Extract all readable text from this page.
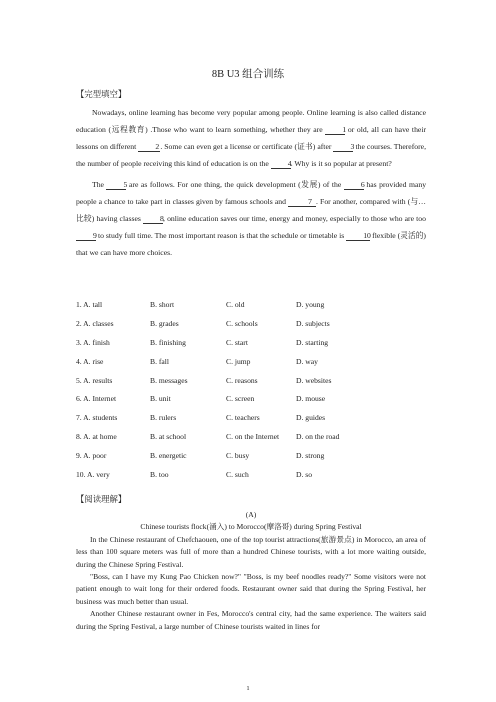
8B U3 组合训练
【完型填空】

Nowadays, online learning has become very popular among people. Online learning is also called distance education (远程教育) .Those who want to learn something, whether they are	1 or old, all can have their lessons on different 2. Some can even get a license or certificate (证书) after 3 the courses. Therefore, the number of people receiving this kind of education is on the 4. Why is it so popular at present?

The	5 are as follows. For one thing, the quick development (发展) of the	6 has provided many people a chance to take part in classes given by famous schools and	7 . For another, compared with (与…比较) having classes 8, online education saves our time, energy and money, especially to those who are too 9 to study full time. The most important reason is that the schedule or timetable is 10 flexible (灵活的) that we can have more choices.

1. A. tall	B. short	C. old	D. young
2. A. classes	B. grades	C. schools	D. subjects
3. A. finish	B. finishing	C. start	D. starting
4. A. rise	B. fall	C. jump	D. way
5. A. results	B. messages	C. reasons	D. websites
6. A. Internet	B. unit	C. screen	D. mouse
7. A. students	B. rulers	C. teachers	D. guides
8. A. at home	B. at school	C. on the Internet D. on the road
9. A. poor	B. energetic	C. busy	D. strong
10. A. very	B. too	C. such	D. so
【阅读理解】

(A)

Chinese tourists flock(涌入) to Morocco(摩洛哥) during Spring Festival

In the Chinese restaurant of Chefchaouen, one of the top tourist attractions(旅游景点) in Morocco, an area of less than 100 square meters was full of more than a hundred Chinese tourists, with a lot more waiting outside, during the Chinese Spring Festival.

"Boss, can I have my Kung Pao Chicken now?" "Boss, is my beef noodles ready?" Some visitors were not patient enough to wait long for their ordered foods. Restaurant owner said that during the Spring Festival, her business was much better than usual.

Another Chinese restaurant owner in Fes, Morocco's central city, had the same experience. The waiters said during the Spring Festival, a large number of Chinese tourists waited in lines for

1
